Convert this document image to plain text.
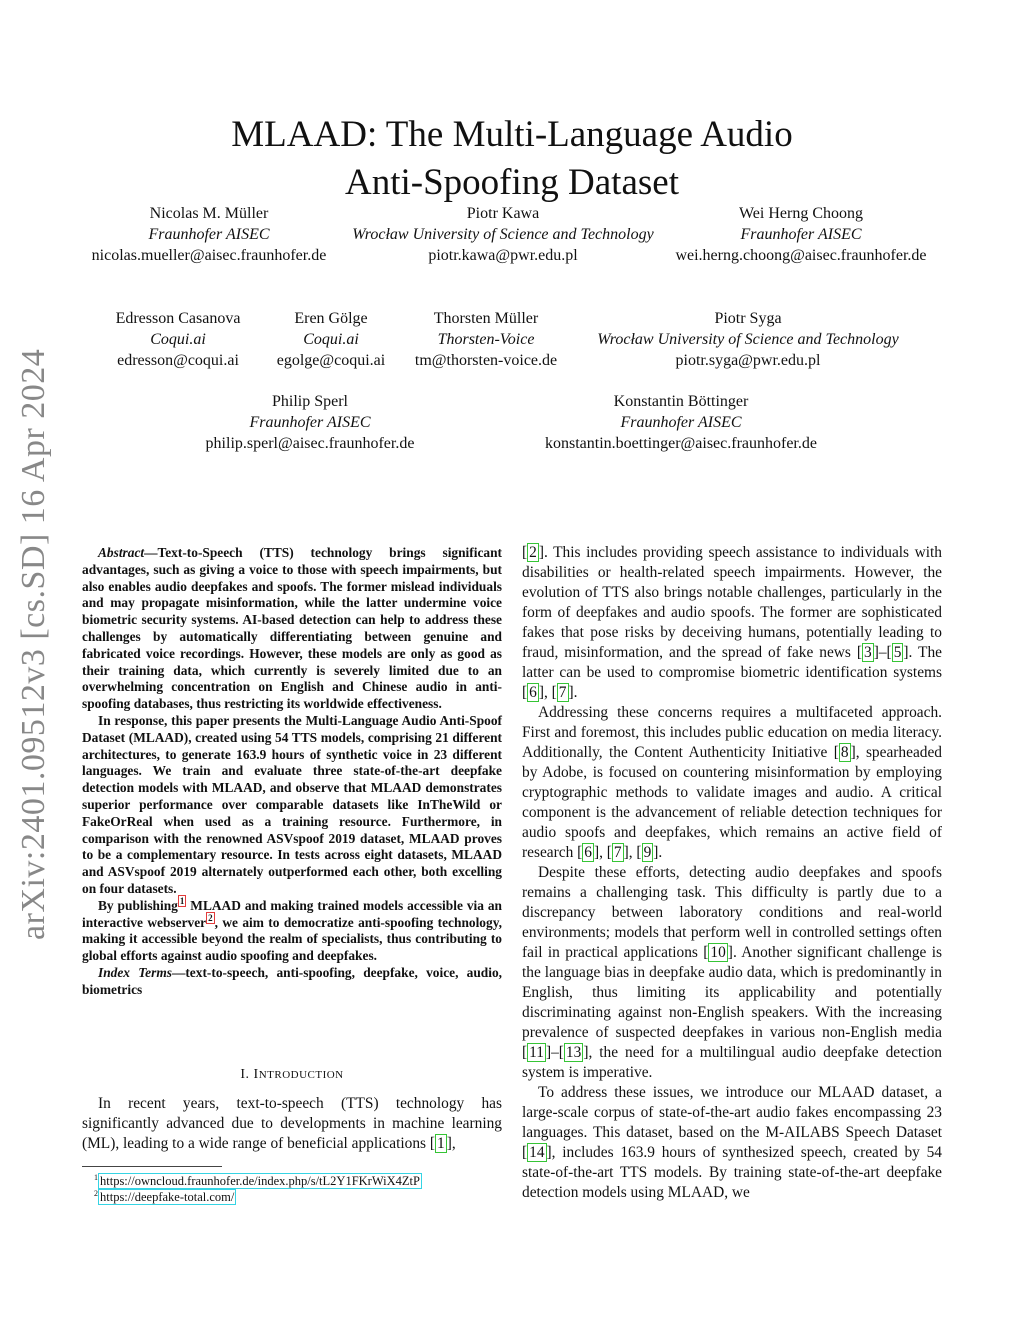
arXiv:2401.09512v3 [cs.SD] 16 Apr 2024
MLAAD: The Multi-Language Audio
Anti-Spoofing Dataset
Nicolas M. Müller
Fraunhofer AISEC
nicolas.mueller@aisec.fraunhofer.de
Piotr Kawa
Wrocław University of Science and Technology
piotr.kawa@pwr.edu.pl
Wei Herng Choong
Fraunhofer AISEC
wei.herng.choong@aisec.fraunhofer.de
Edresson Casanova
Coqui.ai
edresson@coqui.ai
Eren Gölge
Coqui.ai
egolge@coqui.ai
Thorsten Müller
Thorsten-Voice
tm@thorsten-voice.de
Piotr Syga
Wrocław University of Science and Technology
piotr.syga@pwr.edu.pl
Philip Sperl
Fraunhofer AISEC
philip.sperl@aisec.fraunhofer.de
Konstantin Böttinger
Fraunhofer AISEC
konstantin.boettinger@aisec.fraunhofer.de

Abstract—Text-to-Speech (TTS) technology brings significant advantages, such as giving a voice to those with speech impairments, but also enables audio deepfakes and spoofs. The former mislead individuals and may propagate misinformation, while the latter undermine voice biometric security systems. AI-based detection can help to address these challenges by automatically differentiating between genuine and fabricated voice recordings. However, these models are only as good as their training data, which currently is severely limited due to an overwhelming concentration on English and Chinese audio in anti-spoofing databases, thus restricting its worldwide effectiveness.

In response, this paper presents the Multi-Language Audio Anti-Spoof Dataset (MLAAD), created using 54 TTS models, comprising 21 different architectures, to generate 163.9 hours of synthetic voice in 23 different languages. We train and evaluate three state-of-the-art deepfake detection models with MLAAD, and observe that MLAAD demonstrates superior performance over comparable datasets like InTheWild or FakeOrReal when used as a training resource. Furthermore, in comparison with the renowned ASVspoof 2019 dataset, MLAAD proves to be a complementary resource. In tests across eight datasets, MLAAD and ASVspoof 2019 alternately outperformed each other, both excelling on four datasets.

By publishing $^1$ MLAAD and making trained models accessible via an interactive webserver $^2$ , we aim to democratize anti-spoofing technology, making it accessible beyond the realm of specialists, thus contributing to global efforts against audio spoofing and deepfakes.

Index Terms—text-to-speech, anti-spoofing, deepfake, voice, audio, biometrics

I. INTRODUCTION

In recent years, text-to-speech (TTS) technology has significantly advanced due to developments in machine learning (ML), leading to a wide range of beneficial applications [ 1 ],

$^1$ https://owncloud.fraunhofer.de/index.php/s/tL2Y1FKrWiX4ZtP
$^2$ https://deepfake-total.com/

[ 2 ]. This includes providing speech assistance to individuals with disabilities or health-related speech impairments. However, the evolution of TTS also brings notable challenges, particularly in the form of deepfakes and audio spoofs. The former are sophisticated fakes that pose risks by deceiving humans, potentially leading to fraud, misinformation, and the spread of fake news [ 3 ]–[ 5 ]. The latter can be used to compromise biometric identification systems [ 6 ], [ 7 ].

Addressing these concerns requires a multifaceted approach. First and foremost, this includes public education on media literacy. Additionally, the Content Authenticity Initiative [ 8 ], spearheaded by Adobe, is focused on countering misinformation by employing cryptographic methods to validate images and audio. A critical component is the advancement of reliable detection techniques for audio spoofs and deepfakes, which remains an active field of research [ 6 ], [ 7 ], [ 9 ].

Despite these efforts, detecting audio deepfakes and spoofs remains a challenging task. This difficulty is partly due to a discrepancy between laboratory conditions and real-world environments; models that perform well in controlled settings often fail in practical applications [ 10 ]. Another significant challenge is the language bias in deepfake audio data, which is predominantly in English, thus limiting its applicability and potentially discriminating against non-English speakers. With the increasing prevalence of suspected deepfakes in various non-English media [ 11 ]–[ 13 ], the need for a multilingual audio deepfake detection system is imperative.

To address these issues, we introduce our MLAAD dataset, a large-scale corpus of state-of-the-art audio fakes encompassing 23 languages. This dataset, based on the M-AILABS Speech Dataset [ 14 ], includes 163.9 hours of synthesized speech, created by 54 state-of-the-art TTS models. By training state-of-the-art deepfake detection models using MLAAD, we
